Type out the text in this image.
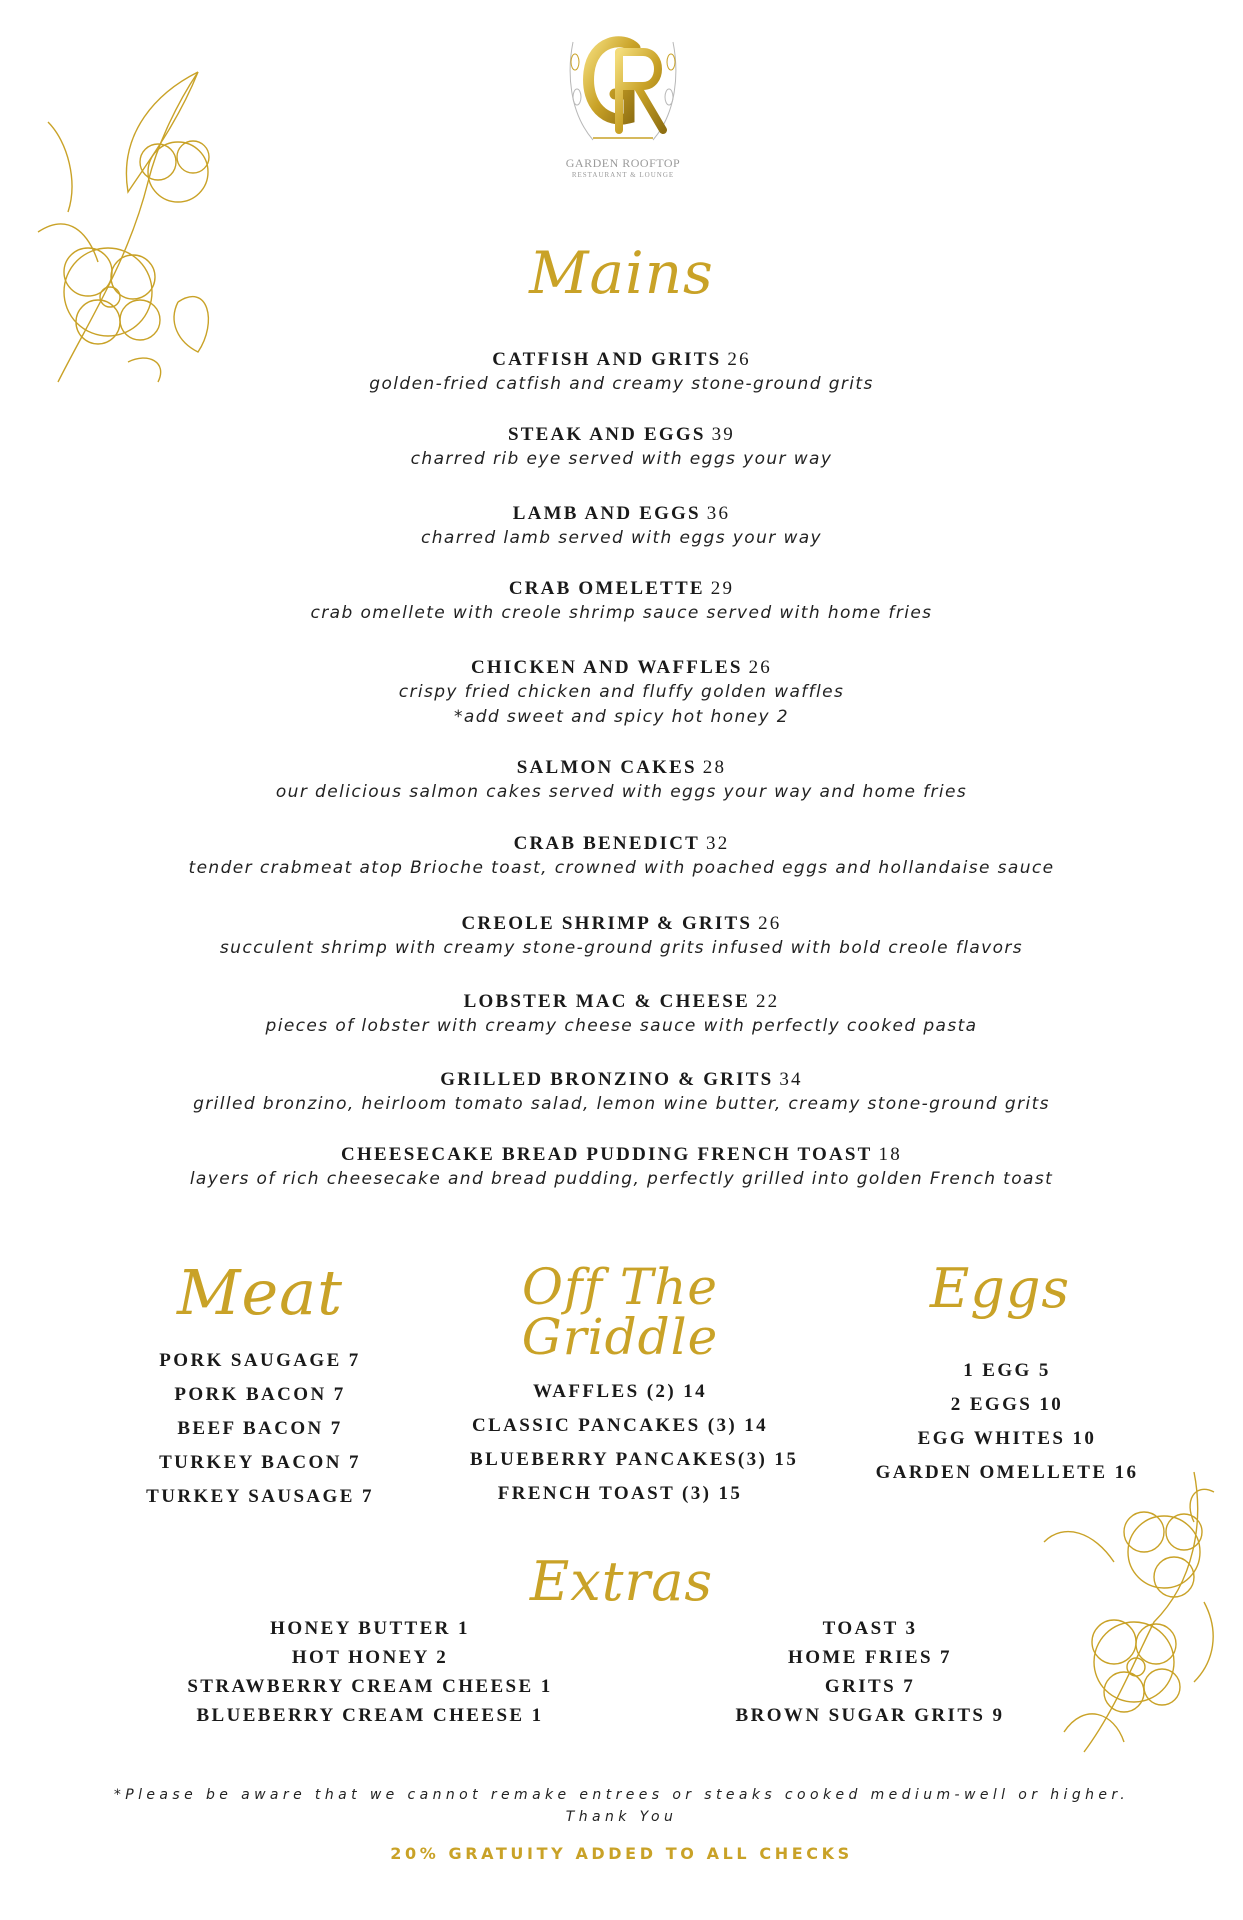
GARDEN ROOFTOP
RESTAURANT & LOUNGE
Mains
CATFISH AND GRITS 26
golden-fried catfish and creamy stone-ground grits
STEAK AND EGGS 39
charred rib eye served with eggs your way
LAMB AND EGGS 36
charred lamb served with eggs your way
CRAB OMELETTE 29
crab omellete with creole shrimp sauce served with home fries
CHICKEN AND WAFFLES 26
crispy fried chicken and fluffy golden waffles
*add sweet and spicy hot honey 2
SALMON CAKES 28
our delicious salmon cakes served with eggs your way and home fries
CRAB BENEDICT 32
tender crabmeat atop Brioche toast, crowned with poached eggs and hollandaise sauce
CREOLE SHRIMP & GRITS 26
succulent shrimp with creamy stone-ground grits infused with bold creole flavors
LOBSTER MAC & CHEESE 22
pieces of lobster with creamy cheese sauce with perfectly cooked pasta
GRILLED BRONZINO & GRITS 34
grilled bronzino, heirloom tomato salad, lemon wine butter, creamy stone-ground grits
CHEESECAKE BREAD PUDDING FRENCH TOAST 18
layers of rich cheesecake and bread pudding, perfectly grilled into golden French toast
Meat
PORK SAUGAGE 7
PORK BACON 7
BEEF BACON 7
TURKEY BACON 7
TURKEY SAUSAGE 7
Off The Griddle
WAFFLES (2) 14
CLASSIC PANCAKES (3) 14
BLUEBERRY PANCAKES(3) 15
FRENCH TOAST (3) 15
Eggs
1 EGG 5
2 EGGS 10
EGG WHITES 10
GARDEN OMELLETE 16
Extras
HONEY BUTTER 1
HOT HONEY 2
STRAWBERRY CREAM CHEESE 1
BLUEBERRY CREAM CHEESE 1
TOAST 3
HOME FRIES 7
GRITS 7
BROWN SUGAR GRITS 9
*Please be aware that we cannot remake entrees or steaks cooked medium-well or higher.
Thank You
20% GRATUITY ADDED TO ALL CHECKS
